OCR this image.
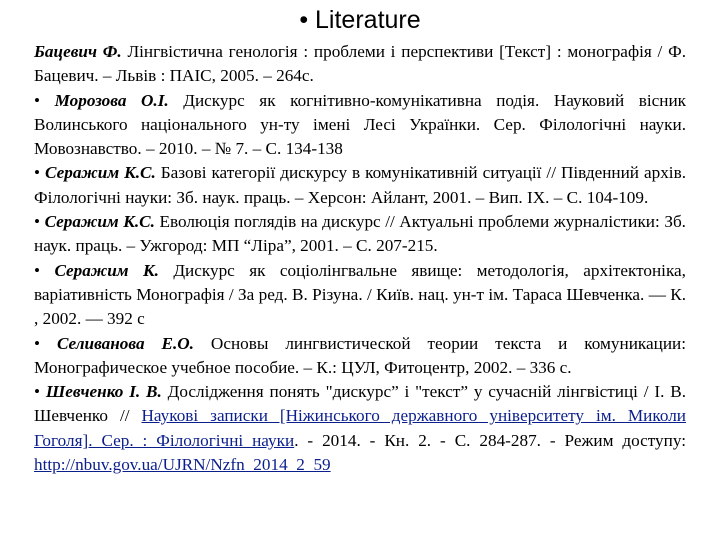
• Literature

Бацевич Ф. Лінгвістична генологія : проблеми і перспективи [Текст] : монографія / Ф. Бацевич. – Львів : ПАІС, 2005. – 264с.

• Морозова О.І. Дискурс як когнітивно-комунікативна подія. Науковий вісник Волинського національного ун-ту імені Лесі Українки. Сер. Філологічні науки. Мовознавство. – 2010. – № 7. – С. 134-138

• Серажим К.С. Базові категорії дискурсу в комунікативній ситуації // Південний архів. Філологічні науки: Зб. наук. праць. – Херсон: Айлант, 2001. – Вип. IX. – С. 104-109.

• Серажим К.С. Еволюція поглядів на дискурс // Актуальні проблеми журналістики: Зб. наук. праць. – Ужгород: МП “Ліра”, 2001. – С. 207-215.

• Серажим К. Дискурс як соціолінгвальне явище: методологія, архітектоніка, варіативність Монографія / За ред. В. Різуна. / Київ. нац. ун-т ім. Тараса Шевченка. — К. , 2002. — 392 с

• Селиванова Е.О. Основы лингвистической теории текста и комуникации: Монографическое учебное пособие. – К.: ЦУЛ, Фитоцентр, 2002. – 336 с.

• Шевченко І. В. Дослідження понять "дискурс” і "текст” у сучасній лінгвістиці / І. В. Шевченко // Наукові записки [Ніжинського державного університету ім. Миколи Гоголя]. Сер. : Філологічні науки. - 2014. - Кн. 2. - С. 284-287. - Режим доступу: http://nbuv.gov.ua/UJRN/Nzfn_2014_2_59
